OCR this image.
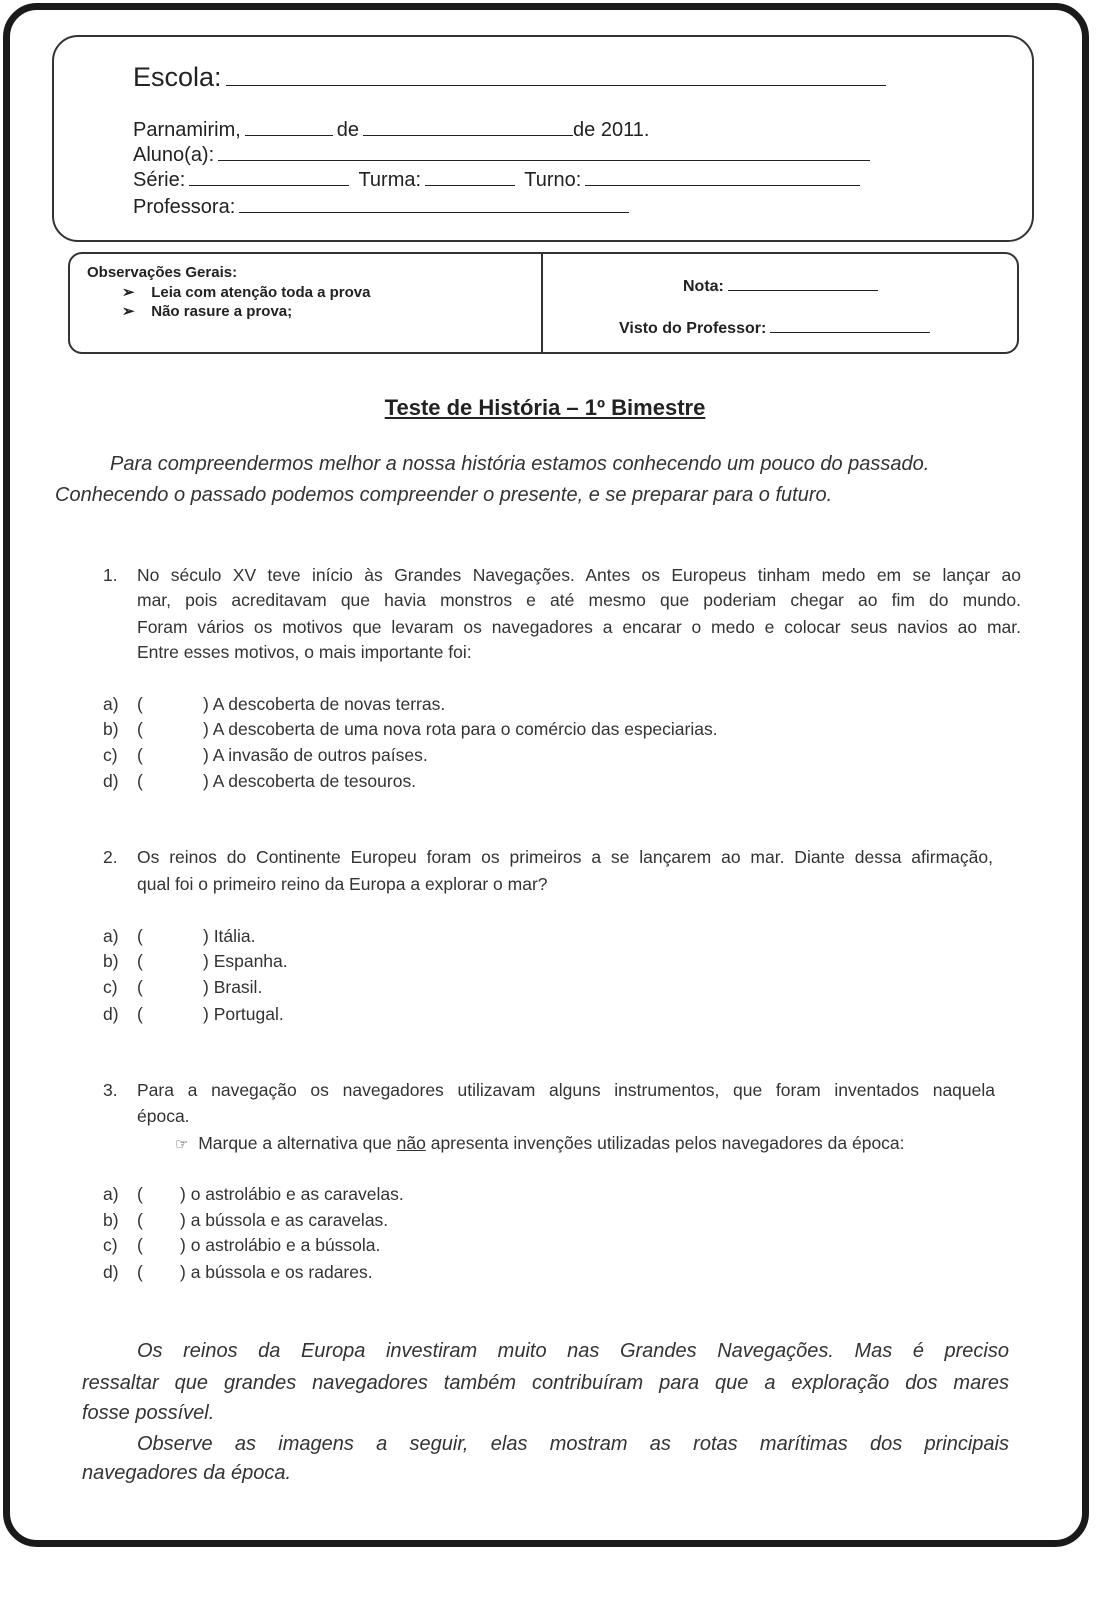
Escola:
Parnamirim,	de	de 2011.
Aluno(a):
Série:	Turma:	Turno:
Professora:
Observações Gerais:
➢ Leia com atenção toda a prova
➢ Não rasure a prova;
Nota:
Visto do Professor:
Teste de História – 1º Bimestre
Para compreendermos melhor a nossa história estamos conhecendo um pouco do passado.
Conhecendo o passado podemos compreender o presente, e se preparar para o futuro.
1. No século XV teve início às Grandes Navegações. Antes os Europeus tinham medo em se lançar ao
mar, pois acreditavam que havia monstros e até mesmo que poderiam chegar ao fim do mundo.
Foram vários os motivos que levaram os navegadores a encarar o medo e colocar seus navios ao mar.
Entre esses motivos, o mais importante foi:
2. Os reinos do Continente Europeu foram os primeiros a se lançarem ao mar. Diante dessa afirmação,
qual foi o primeiro reino da Europa a explorar o mar?
3. Para a navegação os navegadores utilizavam alguns instrumentos, que foram inventados naquela
época.
☞ Marque a alternativa que não apresenta invenções utilizadas pelos navegadores da época:
a) (	) A descoberta de novas terras.
b) (	) A descoberta de uma nova rota para o comércio das especiarias.
c) (	) A invasão de outros países.
d) (	) A descoberta de tesouros.
a) (	) Itália.
b) (	) Espanha.
c) (	) Brasil.
d) (	) Portugal.
a) ( ) o astrolábio e as caravelas.
b) ( ) a bússola e as caravelas.
c) ( ) o astrolábio e a bússola.
d) ( ) a bússola e os radares.
Os reinos da Europa investiram muito nas Grandes Navegações. Mas é preciso
ressaltar que grandes navegadores também contribuíram para que a exploração dos mares
fosse possível.
Observe as imagens a seguir, elas mostram as rotas marítimas dos principais
navegadores da época.
